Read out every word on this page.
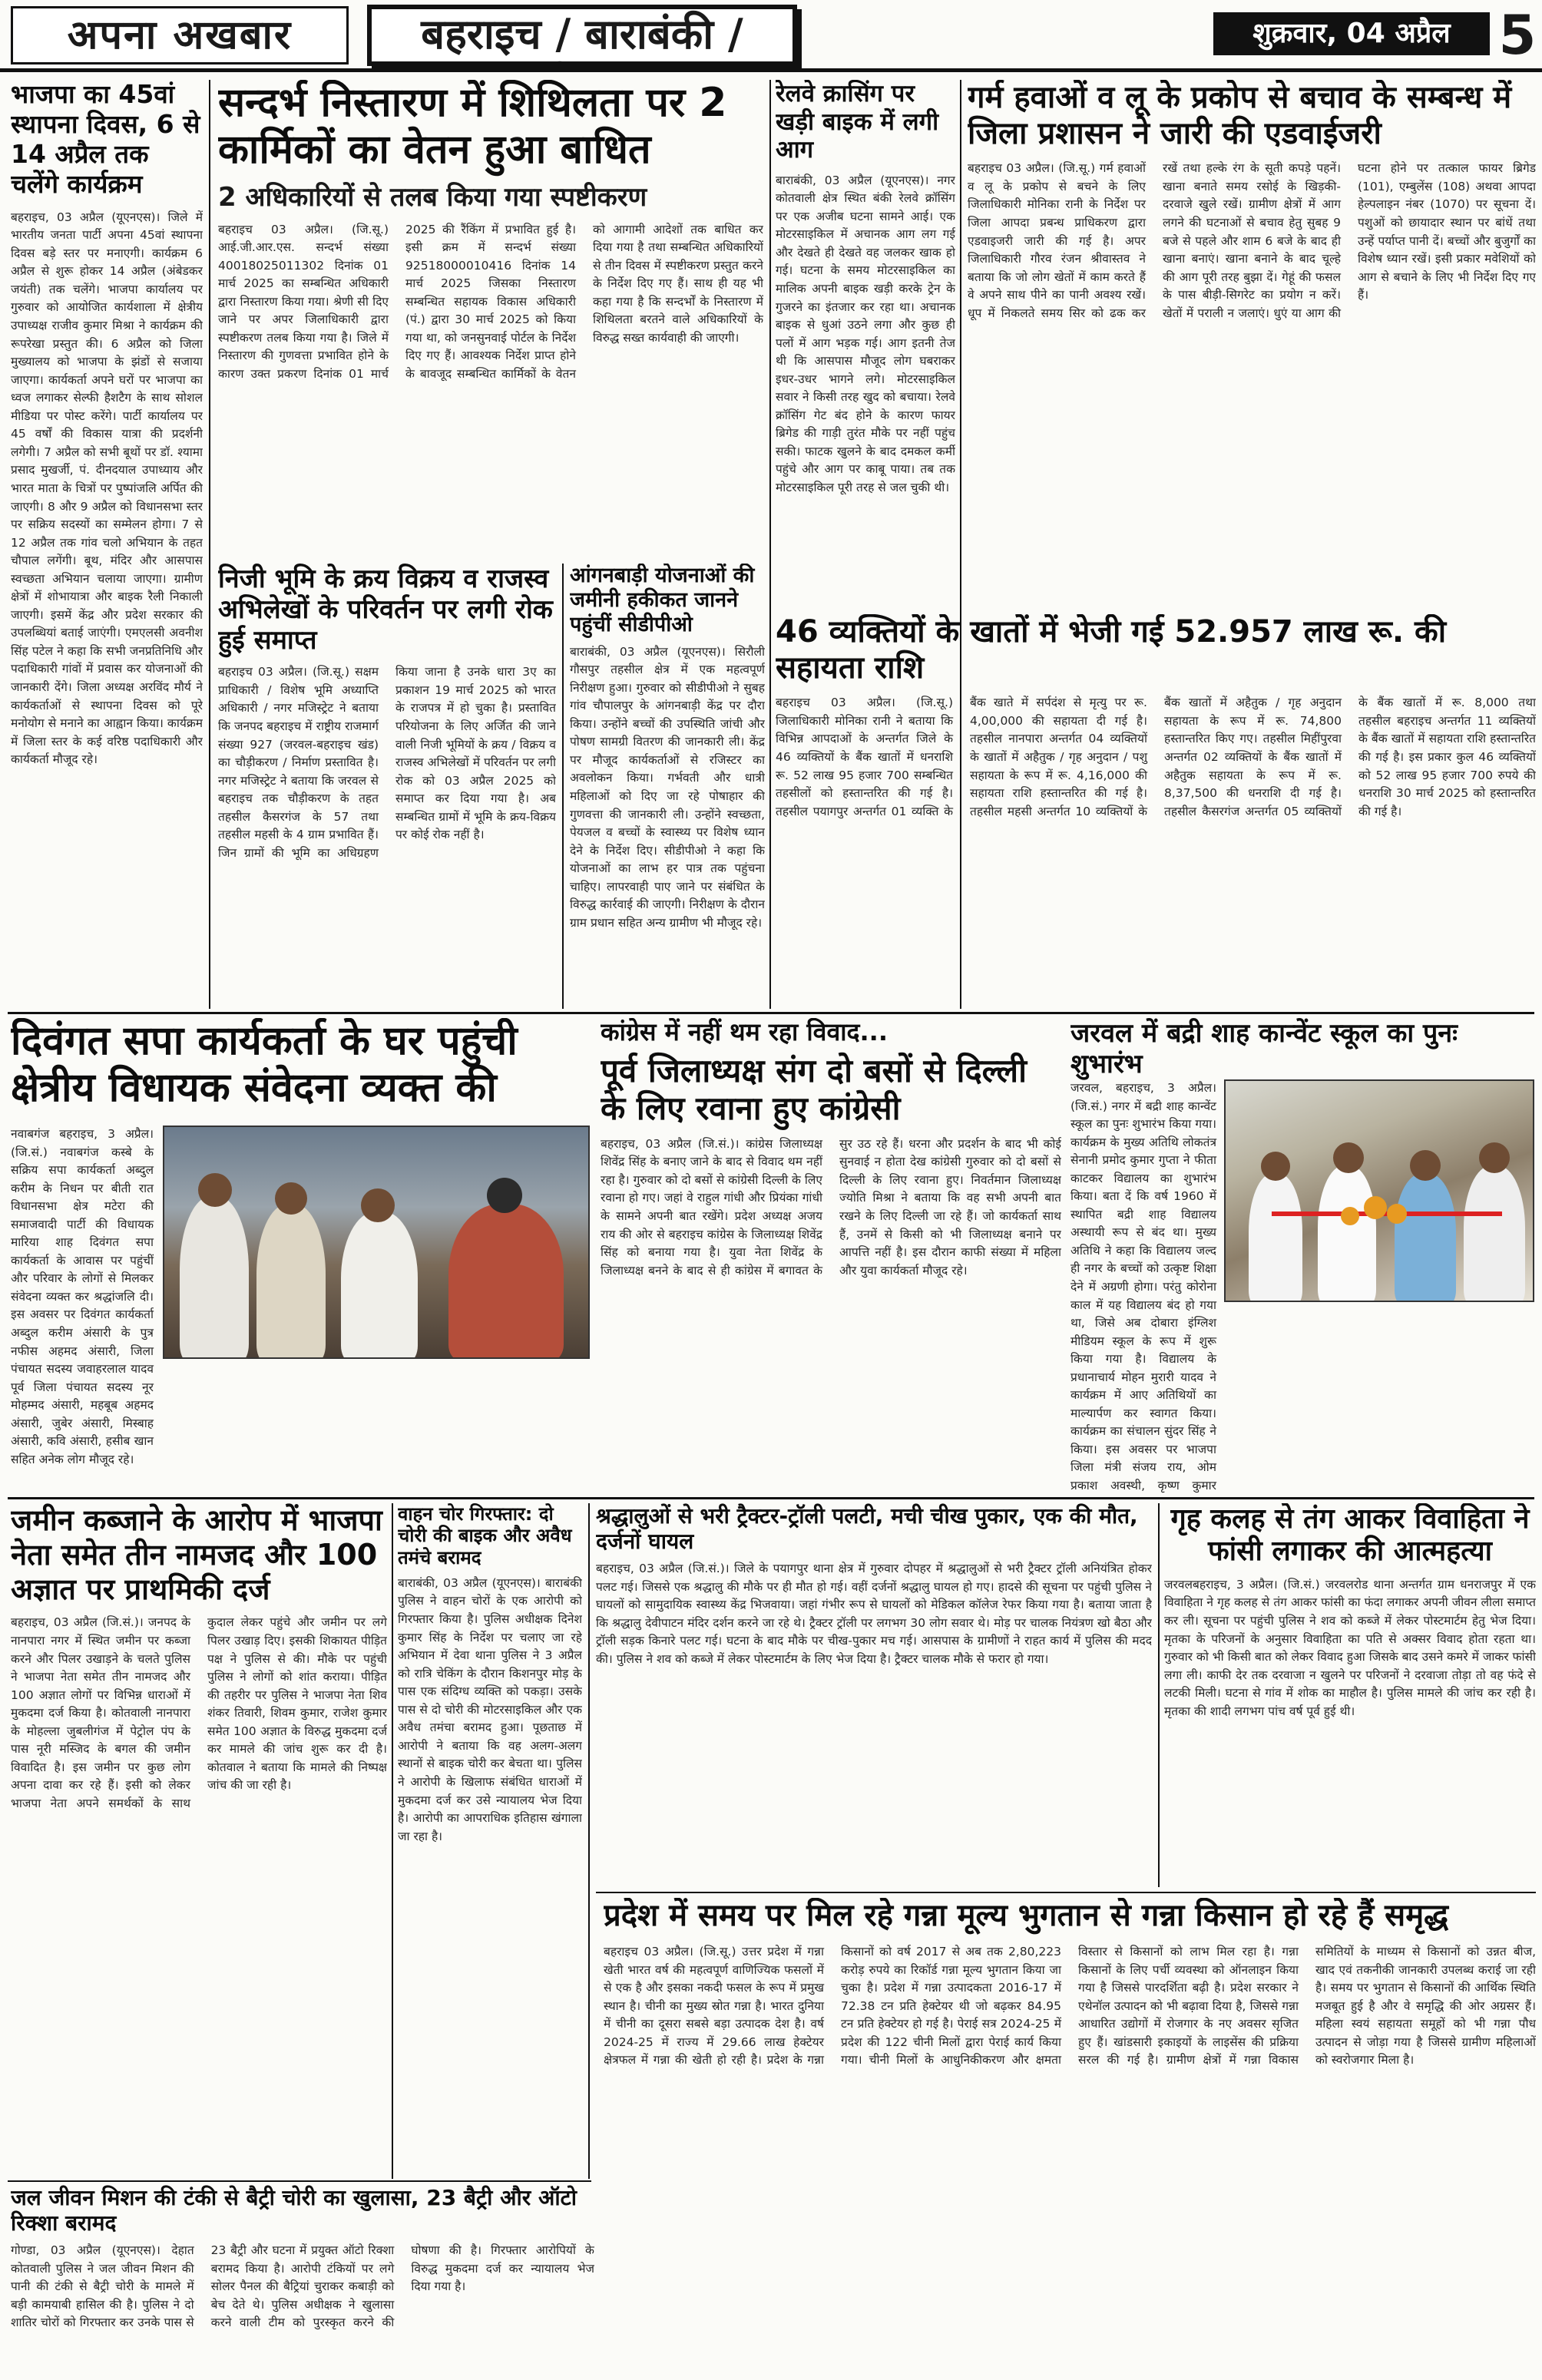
अपना अखबार	बहराइच / बाराबंकी /	शुक्रवार, 04 अप्रैल 5
भाजपा का 45वां स्थापना दिवस, 6 से 14 अप्रैल तक चलेंगे कार्यक्रम
बहराइच, 03 अप्रैल (यूएनएस)। जिले में भारतीय जनता पार्टी अपना 45वां स्थापना दिवस बड़े स्तर पर मनाएगी। कार्यक्रम 6 अप्रैल से शुरू होकर 14 अप्रैल (अंबेडकर जयंती) तक चलेंगे। भाजपा कार्यालय पर गुरुवार को आयोजित कार्यशाला में क्षेत्रीय उपाध्यक्ष राजीव कुमार मिश्रा ने कार्यक्रम की रूपरेखा प्रस्तुत की। 6 अप्रैल को जिला मुख्यालय को भाजपा के झंडों से सजाया जाएगा। कार्यकर्ता अपने घरों पर भाजपा का ध्वज लगाकर सेल्फी हैशटैग के साथ सोशल मीडिया पर पोस्ट करेंगे। पार्टी कार्यालय पर 45 वर्षों की विकास यात्रा की प्रदर्शनी लगेगी। 7 अप्रैल को सभी बूथों पर डॉ. श्यामा प्रसाद मुखर्जी, पं. दीनदयाल उपाध्याय और भारत माता के चित्रों पर पुष्पांजलि अर्पित की जाएगी। 8 और 9 अप्रैल को विधानसभा स्तर पर सक्रिय सदस्यों का सम्मेलन होगा। 7 से 12 अप्रैल तक गांव चलो अभियान के तहत चौपाल लगेंगी। बूथ, मंदिर और आसपास स्वच्छता अभियान चलाया जाएगा। ग्रामीण क्षेत्रों में शोभायात्रा और बाइक रैली निकाली जाएगी। इसमें केंद्र और प्रदेश सरकार की उपलब्धियां बताई जाएंगी। एमएलसी अवनीश सिंह पटेल ने कहा कि सभी जनप्रतिनिधि और पदाधिकारी गांवों में प्रवास कर योजनाओं की जानकारी देंगे। जिला अध्यक्ष अरविंद मौर्य ने कार्यकर्ताओं से स्थापना दिवस को पूरे मनोयोग से मनाने का आह्वान किया। कार्यक्रम में जिला स्तर के कई वरिष्ठ पदाधिकारी और कार्यकर्ता मौजूद रहे।
सन्दर्भ निस्तारण में शिथिलता पर 2 कार्मिकों का वेतन हुआ बाधित
2 अधिकारियों से तलब किया गया स्पष्टीकरण
बहराइच 03 अप्रैल। (जि.सू.) आई.जी.आर.एस. सन्दर्भ संख्या 40018025011302 दिनांक 01 मार्च 2025 का सम्बन्धित अधिकारी द्वारा निस्तारण किया गया। श्रेणी सी दिए जाने पर अपर जिलाधिकारी द्वारा स्पष्टीकरण तलब किया गया है। जिले में निस्तारण की गुणवत्ता प्रभावित होने के कारण उक्त प्रकरण दिनांक 01 मार्च 2025 की रैंकिंग में प्रभावित हुई है। इसी क्रम में सन्दर्भ संख्या 92518000010416 दिनांक 14 मार्च 2025 जिसका निस्तारण सम्बन्धित सहायक विकास अधिकारी (पं.) द्वारा 30 मार्च 2025 को किया गया था, को जनसुनवाई पोर्टल के निर्देश दिए गए हैं। आवश्यक निर्देश प्राप्त होने के बावजूद सम्बन्धित कार्मिकों के वेतन को आगामी आदेशों तक बाधित कर दिया गया है तथा सम्बन्धित अधिकारियों से तीन दिवस में स्पष्टीकरण प्रस्तुत करने के निर्देश दिए गए हैं। साथ ही यह भी कहा गया है कि सन्दर्भों के निस्तारण में शिथिलता बरतने वाले अधिकारियों के विरुद्ध सख्त कार्यवाही की जाएगी।
निजी भूमि के क्रय विक्रय व राजस्व अभिलेखों के परिवर्तन पर लगी रोक हुई समाप्त
बहराइच 03 अप्रैल। (जि.सू.) सक्षम प्राधिकारी / विशेष भूमि अध्याप्ति अधिकारी / नगर मजिस्ट्रेट ने बताया कि जनपद बहराइच में राष्ट्रीय राजमार्ग संख्या 927 (जरवल-बहराइच खंड) का चौड़ीकरण / निर्माण प्रस्तावित है। नगर मजिस्ट्रेट ने बताया कि जरवल से बहराइच तक चौड़ीकरण के तहत तहसील कैसरगंज के 57 तथा तहसील महसी के 4 ग्राम प्रभावित हैं। जिन ग्रामों की भूमि का अधिग्रहण किया जाना है उनके धारा 3ए का प्रकाशन 19 मार्च 2025 को भारत के राजपत्र में हो चुका है। प्रस्तावित परियोजना के लिए अर्जित की जाने वाली निजी भूमियों के क्रय / विक्रय व राजस्व अभिलेखों में परिवर्तन पर लगी रोक को 03 अप्रैल 2025 को समाप्त कर दिया गया है। अब सम्बन्धित ग्रामों में भूमि के क्रय-विक्रय पर कोई रोक नहीं है।
आंगनबाड़ी योजनाओं की जमीनी हकीकत जानने पहुंचीं सीडीपीओ
बाराबंकी, 03 अप्रैल (यूएनएस)। सिरौली गौसपुर तहसील क्षेत्र में एक महत्वपूर्ण निरीक्षण हुआ। गुरुवार को सीडीपीओ ने सुबह गांव चौपालपुर के आंगनबाड़ी केंद्र पर दौरा किया। उन्होंने बच्चों की उपस्थिति जांची और पोषण सामग्री वितरण की जानकारी ली। केंद्र पर मौजूद कार्यकर्ताओं से रजिस्टर का अवलोकन किया। गर्भवती और धात्री महिलाओं को दिए जा रहे पोषाहार की गुणवत्ता की जानकारी ली। उन्होंने स्वच्छता, पेयजल व बच्चों के स्वास्थ्य पर विशेष ध्यान देने के निर्देश दिए। सीडीपीओ ने कहा कि योजनाओं का लाभ हर पात्र तक पहुंचना चाहिए। लापरवाही पाए जाने पर संबंधित के विरुद्ध कार्रवाई की जाएगी। निरीक्षण के दौरान ग्राम प्रधान सहित अन्य ग्रामीण भी मौजूद रहे।
रेलवे क्रासिंग पर खड़ी बाइक में लगी आग
बाराबंकी, 03 अप्रैल (यूएनएस)। नगर कोतवाली क्षेत्र स्थित बंकी रेलवे क्रॉसिंग पर एक अजीब घटना सामने आई। एक मोटरसाइकिल में अचानक आग लग गई और देखते ही देखते वह जलकर खाक हो गई। घटना के समय मोटरसाइकिल का मालिक अपनी बाइक खड़ी करके ट्रेन के गुजरने का इंतजार कर रहा था। अचानक बाइक से धुआं उठने लगा और कुछ ही पलों में आग भड़क गई। आग इतनी तेज थी कि आसपास मौजूद लोग घबराकर इधर-उधर भागने लगे। मोटरसाइकिल सवार ने किसी तरह खुद को बचाया। रेलवे क्रॉसिंग गेट बंद होने के कारण फायर ब्रिगेड की गाड़ी तुरंत मौके पर नहीं पहुंच सकी। फाटक खुलने के बाद दमकल कर्मी पहुंचे और आग पर काबू पाया। तब तक मोटरसाइकिल पूरी तरह से जल चुकी थी।
गर्म हवाओं व लू के प्रकोप से बचाव के सम्बन्ध में जिला प्रशासन ने जारी की एडवाईजरी
बहराइच 03 अप्रैल। (जि.सू.) गर्म हवाओं व लू के प्रकोप से बचने के लिए जिलाधिकारी मोनिका रानी के निर्देश पर जिला आपदा प्रबन्ध प्राधिकरण द्वारा एडवाइजरी जारी की गई है। अपर जिलाधिकारी गौरव रंजन श्रीवास्तव ने बताया कि जो लोग खेतों में काम करते हैं वे अपने साथ पीने का पानी अवश्य रखें। धूप में निकलते समय सिर को ढक कर रखें तथा हल्के रंग के सूती कपड़े पहनें। खाना बनाते समय रसोई के खिड़की-दरवाजे खुले रखें। ग्रामीण क्षेत्रों में आग लगने की घटनाओं से बचाव हेतु सुबह 9 बजे से पहले और शाम 6 बजे के बाद ही खाना बनाएं। खाना बनाने के बाद चूल्हे की आग पूरी तरह बुझा दें। गेहूं की फसल के पास बीड़ी-सिगरेट का प्रयोग न करें। खेतों में पराली न जलाएं। धुएं या आग की घटना होने पर तत्काल फायर ब्रिगेड (101), एम्बुलेंस (108) अथवा आपदा हेल्पलाइन नंबर (1070) पर सूचना दें। पशुओं को छायादार स्थान पर बांधें तथा उन्हें पर्याप्त पानी दें। बच्चों और बुजुर्गों का विशेष ध्यान रखें। इसी प्रकार मवेशियों को आग से बचाने के लिए भी निर्देश दिए गए हैं।
46 व्यक्तियों के खातों में भेजी गई 52.957 लाख रू. की सहायता राशि
बहराइच 03 अप्रैल। (जि.सू.) जिलाधिकारी मोनिका रानी ने बताया कि विभिन्न आपदाओं के अन्तर्गत जिले के 46 व्यक्तियों के बैंक खातों में धनराशि रू. 52 लाख 95 हजार 700 सम्बन्धित तहसीलों को हस्तान्तरित की गई है। तहसील पयागपुर अन्तर्गत 01 व्यक्ति के बैंक खाते में सर्पदंश से मृत्यु पर रू. 4,00,000 की सहायता दी गई है। तहसील नानपारा अन्तर्गत 04 व्यक्तियों के खातों में अहैतुक / गृह अनुदान / पशु सहायता के रूप में रू. 4,16,000 की सहायता राशि हस्तान्तरित की गई है। तहसील महसी अन्तर्गत 10 व्यक्तियों के बैंक खातों में अहैतुक / गृह अनुदान सहायता के रूप में रू. 74,800 हस्तान्तरित किए गए। तहसील मिहींपुरवा अन्तर्गत 02 व्यक्तियों के बैंक खातों में अहैतुक सहायता के रूप में रू. 8,37,500 की धनराशि दी गई है। तहसील कैसरगंज अन्तर्गत 05 व्यक्तियों के बैंक खातों में रू. 8,000 तथा तहसील बहराइच अन्तर्गत 11 व्यक्तियों के बैंक खातों में सहायता राशि हस्तान्तरित की गई है। इस प्रकार कुल 46 व्यक्तियों को 52 लाख 95 हजार 700 रुपये की धनराशि 30 मार्च 2025 को हस्तान्तरित की गई है।
दिवंगत सपा कार्यकर्ता के घर पहुंची क्षेत्रीय विधायक संवेदना व्यक्त की
नवाबगंज बहराइच, 3 अप्रैल। (जि.सं.) नवाबगंज कस्बे के सक्रिय सपा कार्यकर्ता अब्दुल करीम के निधन पर बीती रात विधानसभा क्षेत्र मटेरा की समाजवादी पार्टी की विधायक मारिया शाह दिवंगत सपा कार्यकर्ता के आवास पर पहुंचीं और परिवार के लोगों से मिलकर संवेदना व्यक्त कर श्रद्धांजलि दी। इस अवसर पर दिवंगत कार्यकर्ता अब्दुल करीम अंसारी के पुत्र नफीस अहमद अंसारी, जिला पंचायत सदस्य जवाहरलाल यादव पूर्व जिला पंचायत सदस्य नूर मोहम्मद अंसारी, महबूब अहमद अंसारी, जुबेर अंसारी, मिस्बाह अंसारी, कवि अंसारी, हसीब खान सहित अनेक लोग मौजूद रहे।
कांग्रेस में नहीं थम रहा विवाद...
पूर्व जिलाध्यक्ष संग दो बसों से दिल्ली के लिए रवाना हुए कांग्रेसी
बहराइच, 03 अप्रैल (जि.सं.)। कांग्रेस जिलाध्यक्ष शिवेंद्र सिंह के बनाए जाने के बाद से विवाद थम नहीं रहा है। गुरुवार को दो बसों से कांग्रेसी दिल्ली के लिए रवाना हो गए। जहां वे राहुल गांधी और प्रियंका गांधी के सामने अपनी बात रखेंगे। प्रदेश अध्यक्ष अजय राय की ओर से बहराइच कांग्रेस के जिलाध्यक्ष शिवेंद्र सिंह को बनाया गया है। युवा नेता शिवेंद्र के जिलाध्यक्ष बनने के बाद से ही कांग्रेस में बगावत के सुर उठ रहे हैं। धरना और प्रदर्शन के बाद भी कोई सुनवाई न होता देख कांग्रेसी गुरुवार को दो बसों से दिल्ली के लिए रवाना हुए। निवर्तमान जिलाध्यक्ष ज्योति मिश्रा ने बताया कि वह सभी अपनी बात रखने के लिए दिल्ली जा रहे हैं। जो कार्यकर्ता साथ हैं, उनमें से किसी को भी जिलाध्यक्ष बनाने पर आपत्ति नहीं है। इस दौरान काफी संख्या में महिला और युवा कार्यकर्ता मौजूद रहे।
जरवल में बद्री शाह कान्वेंट स्कूल का पुनः शुभारंभ
जरवल, बहराइच, 3 अप्रैल। (जि.सं.) नगर में बद्री शाह कान्वेंट स्कूल का पुनः शुभारंभ किया गया। कार्यक्रम के मुख्य अतिथि लोकतंत्र सेनानी प्रमोद कुमार गुप्ता ने फीता काटकर विद्यालय का शुभारंभ किया। बता दें कि वर्ष 1960 में स्थापित बद्री शाह विद्यालय अस्थायी रूप से बंद था। मुख्य अतिथि ने कहा कि विद्यालय जल्द ही नगर के बच्चों को उत्कृष्ट शिक्षा देने में अग्रणी होगा। परंतु कोरोना काल में यह विद्यालय बंद हो गया था, जिसे अब दोबारा इंग्लिश मीडियम स्कूल के रूप में शुरू किया गया है। विद्यालय के प्रधानाचार्य मोहन मुरारी यादव ने कार्यक्रम में आए अतिथियों का माल्यार्पण कर स्वागत किया। कार्यक्रम का संचालन सुंदर सिंह ने किया। इस अवसर पर भाजपा जिला मंत्री संजय राय, ओम प्रकाश अवस्थी, कृष्ण कुमार
जमीन कब्जाने के आरोप में भाजपा नेता समेत तीन नामजद और 100 अज्ञात पर प्राथमिकी दर्ज
बहराइच, 03 अप्रैल (जि.सं.)। जनपद के नानपारा नगर में स्थित जमीन पर कब्जा करने और पिलर उखाड़ने के चलते पुलिस ने भाजपा नेता समेत तीन नामजद और 100 अज्ञात लोगों पर विभिन्न धाराओं में मुकदमा दर्ज किया है। कोतवाली नानपारा के मोहल्ला जुबलीगंज में पेट्रोल पंप के पास नूरी मस्जिद के बगल की जमीन विवादित है। इस जमीन पर कुछ लोग अपना दावा कर रहे हैं। इसी को लेकर भाजपा नेता अपने समर्थकों के साथ कुदाल लेकर पहुंचे और जमीन पर लगे पिलर उखाड़ दिए। इसकी शिकायत पीड़ित पक्ष ने पुलिस से की। मौके पर पहुंची पुलिस ने लोगों को शांत कराया। पीड़ित की तहरीर पर पुलिस ने भाजपा नेता शिव शंकर तिवारी, शिवम कुमार, राजेश कुमार समेत 100 अज्ञात के विरुद्ध मुकदमा दर्ज कर मामले की जांच शुरू कर दी है। कोतवाल ने बताया कि मामले की निष्पक्ष जांच की जा रही है।
वाहन चोर गिरफ्तार: दो चोरी की बाइक और अवैध तमंचे बरामद
बाराबंकी, 03 अप्रैल (यूएनएस)। बाराबंकी पुलिस ने वाहन चोरों के एक आरोपी को गिरफ्तार किया है। पुलिस अधीक्षक दिनेश कुमार सिंह के निर्देश पर चलाए जा रहे अभियान में देवा थाना पुलिस ने 3 अप्रैल को रात्रि चेकिंग के दौरान किशनपुर मोड़ के पास एक संदिग्ध व्यक्ति को पकड़ा। उसके पास से दो चोरी की मोटरसाइकिल और एक अवैध तमंचा बरामद हुआ। पूछताछ में आरोपी ने बताया कि वह अलग-अलग स्थानों से बाइक चोरी कर बेचता था। पुलिस ने आरोपी के खिलाफ संबंधित धाराओं में मुकदमा दर्ज कर उसे न्यायालय भेज दिया है। आरोपी का आपराधिक इतिहास खंगाला जा रहा है।
श्रद्धालुओं से भरी ट्रैक्टर-ट्रॉली पलटी, मची चीख पुकार, एक की मौत, दर्जनों घायल
बहराइच, 03 अप्रैल (जि.सं.)। जिले के पयागपुर थाना क्षेत्र में गुरुवार दोपहर में श्रद्धालुओं से भरी ट्रैक्टर ट्रॉली अनियंत्रित होकर पलट गई। जिससे एक श्रद्धालु की मौके पर ही मौत हो गई। वहीं दर्जनों श्रद्धालु घायल हो गए। हादसे की सूचना पर पहुंची पुलिस ने घायलों को सामुदायिक स्वास्थ्य केंद्र भिजवाया। जहां गंभीर रूप से घायलों को मेडिकल कॉलेज रेफर किया गया है। बताया जाता है कि श्रद्धालु देवीपाटन मंदिर दर्शन करने जा रहे थे। ट्रैक्टर ट्रॉली पर लगभग 30 लोग सवार थे। मोड़ पर चालक नियंत्रण खो बैठा और ट्रॉली सड़क किनारे पलट गई। घटना के बाद मौके पर चीख-पुकार मच गई। आसपास के ग्रामीणों ने राहत कार्य में पुलिस की मदद की। पुलिस ने शव को कब्जे में लेकर पोस्टमार्टम के लिए भेज दिया है। ट्रैक्टर चालक मौके से फरार हो गया।
गृह कलह से तंग आकर विवाहिता ने फांसी लगाकर की आत्महत्या
जरवलबहराइच, 3 अप्रैल। (जि.सं.) जरवलरोड थाना अन्तर्गत ग्राम धनराजपुर में एक विवाहिता ने गृह कलह से तंग आकर फांसी का फंदा लगाकर अपनी जीवन लीला समाप्त कर ली। सूचना पर पहुंची पुलिस ने शव को कब्जे में लेकर पोस्टमार्टम हेतु भेज दिया। मृतका के परिजनों के अनुसार विवाहिता का पति से अक्सर विवाद होता रहता था। गुरुवार को भी किसी बात को लेकर विवाद हुआ जिसके बाद उसने कमरे में जाकर फांसी लगा ली। काफी देर तक दरवाजा न खुलने पर परिजनों ने दरवाजा तोड़ा तो वह फंदे से लटकी मिली। घटना से गांव में शोक का माहौल है। पुलिस मामले की जांच कर रही है। मृतका की शादी लगभग पांच वर्ष पूर्व हुई थी।
जल जीवन मिशन की टंकी से बैट्री चोरी का खुलासा, 23 बैट्री और ऑटो रिक्शा बरामद
गोण्डा, 03 अप्रैल (यूएनएस)। देहात कोतवाली पुलिस ने जल जीवन मिशन की पानी की टंकी से बैट्री चोरी के मामले में बड़ी कामयाबी हासिल की है। पुलिस ने दो शातिर चोरों को गिरफ्तार कर उनके पास से 23 बैट्री और घटना में प्रयुक्त ऑटो रिक्शा बरामद किया है। आरोपी टंकियों पर लगे सोलर पैनल की बैट्रियां चुराकर कबाड़ी को बेच देते थे। पुलिस अधीक्षक ने खुलासा करने वाली टीम को पुरस्कृत करने की घोषणा की है। गिरफ्तार आरोपियों के विरुद्ध मुकदमा दर्ज कर न्यायालय भेज दिया गया है।
प्रदेश में समय पर मिल रहे गन्ना मूल्य भुगतान से गन्ना किसान हो रहे हैं समृद्ध
बहराइच 03 अप्रैल। (जि.सू.) उत्तर प्रदेश में गन्ना खेती भारत वर्ष की महत्वपूर्ण वाणिज्यिक फसलों में से एक है और इसका नकदी फसल के रूप में प्रमुख स्थान है। चीनी का मुख्य स्रोत गन्ना है। भारत दुनिया में चीनी का दूसरा सबसे बड़ा उत्पादक देश है। वर्ष 2024-25 में राज्य में 29.66 लाख हेक्टेयर क्षेत्रफल में गन्ना की खेती हो रही है। प्रदेश के गन्ना किसानों को वर्ष 2017 से अब तक 2,80,223 करोड़ रुपये का रिकॉर्ड गन्ना मूल्य भुगतान किया जा चुका है। प्रदेश में गन्ना उत्पादकता 2016-17 में 72.38 टन प्रति हेक्टेयर थी जो बढ़कर 84.95 टन प्रति हेक्टेयर हो गई है। पेराई सत्र 2024-25 में प्रदेश की 122 चीनी मिलों द्वारा पेराई कार्य किया गया। चीनी मिलों के आधुनिकीकरण और क्षमता विस्तार से किसानों को लाभ मिल रहा है। गन्ना किसानों के लिए पर्ची व्यवस्था को ऑनलाइन किया गया है जिससे पारदर्शिता बढ़ी है। प्रदेश सरकार ने एथेनॉल उत्पादन को भी बढ़ावा दिया है, जिससे गन्ना आधारित उद्योगों में रोजगार के नए अवसर सृजित हुए हैं। खांडसारी इकाइयों के लाइसेंस की प्रक्रिया सरल की गई है। ग्रामीण क्षेत्रों में गन्ना विकास समितियों के माध्यम से किसानों को उन्नत बीज, खाद एवं तकनीकी जानकारी उपलब्ध कराई जा रही है। समय पर भुगतान से किसानों की आर्थिक स्थिति मजबूत हुई है और वे समृद्धि की ओर अग्रसर हैं। महिला स्वयं सहायता समूहों को भी गन्ना पौध उत्पादन से जोड़ा गया है जिससे ग्रामीण महिलाओं को स्वरोजगार मिला है।
